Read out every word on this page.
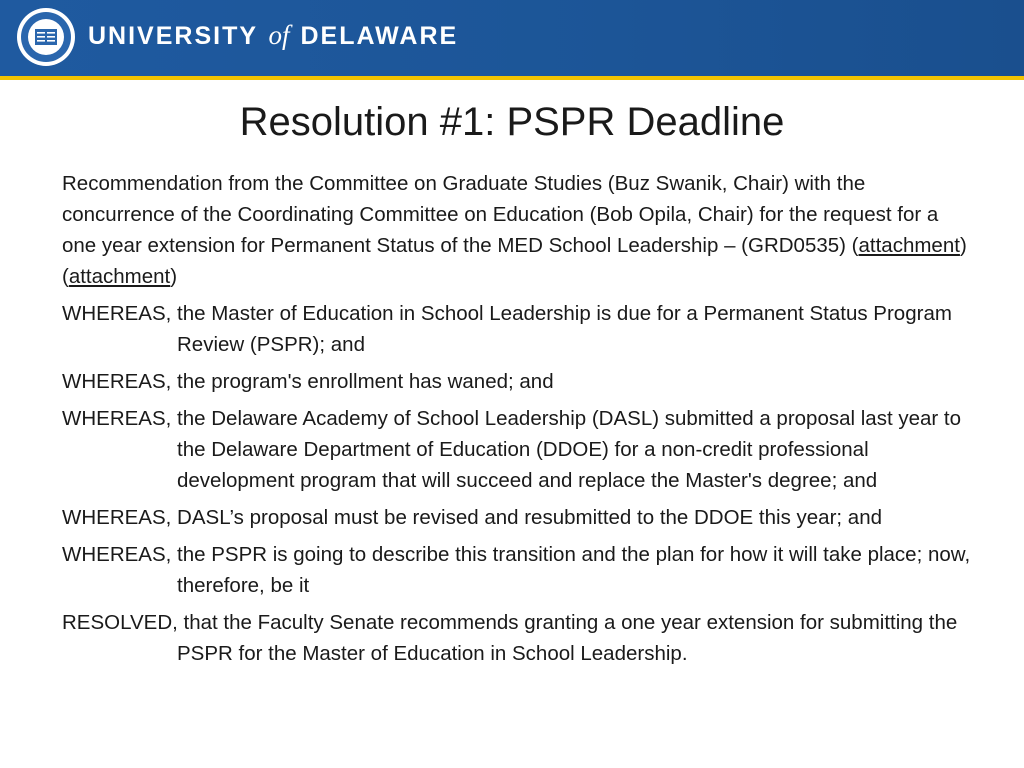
UNIVERSITY of DELAWARE
Resolution #1: PSPR Deadline

Recommendation from the Committee on Graduate Studies (Buz Swanik, Chair) with the concurrence of the Coordinating Committee on Education (Bob Opila, Chair) for the request for a one year extension for Permanent Status of the MED School Leadership – (GRD0535) (attachment) (attachment)

WHEREAS, the Master of Education in School Leadership is due for a Permanent Status Program Review (PSPR); and

WHEREAS, the program's enrollment has waned; and

WHEREAS, the Delaware Academy of School Leadership (DASL) submitted a proposal last year to the Delaware Department of Education (DDOE) for a non-credit professional development program that will succeed and replace the Master's degree; and

WHEREAS, DASL’s proposal must be revised and resubmitted to the DDOE this year; and

WHEREAS, the PSPR is going to describe this transition and the plan for how it will take place; now, therefore, be it

RESOLVED, that the Faculty Senate recommends granting a one year extension for submitting the PSPR for the Master of Education in School Leadership.
